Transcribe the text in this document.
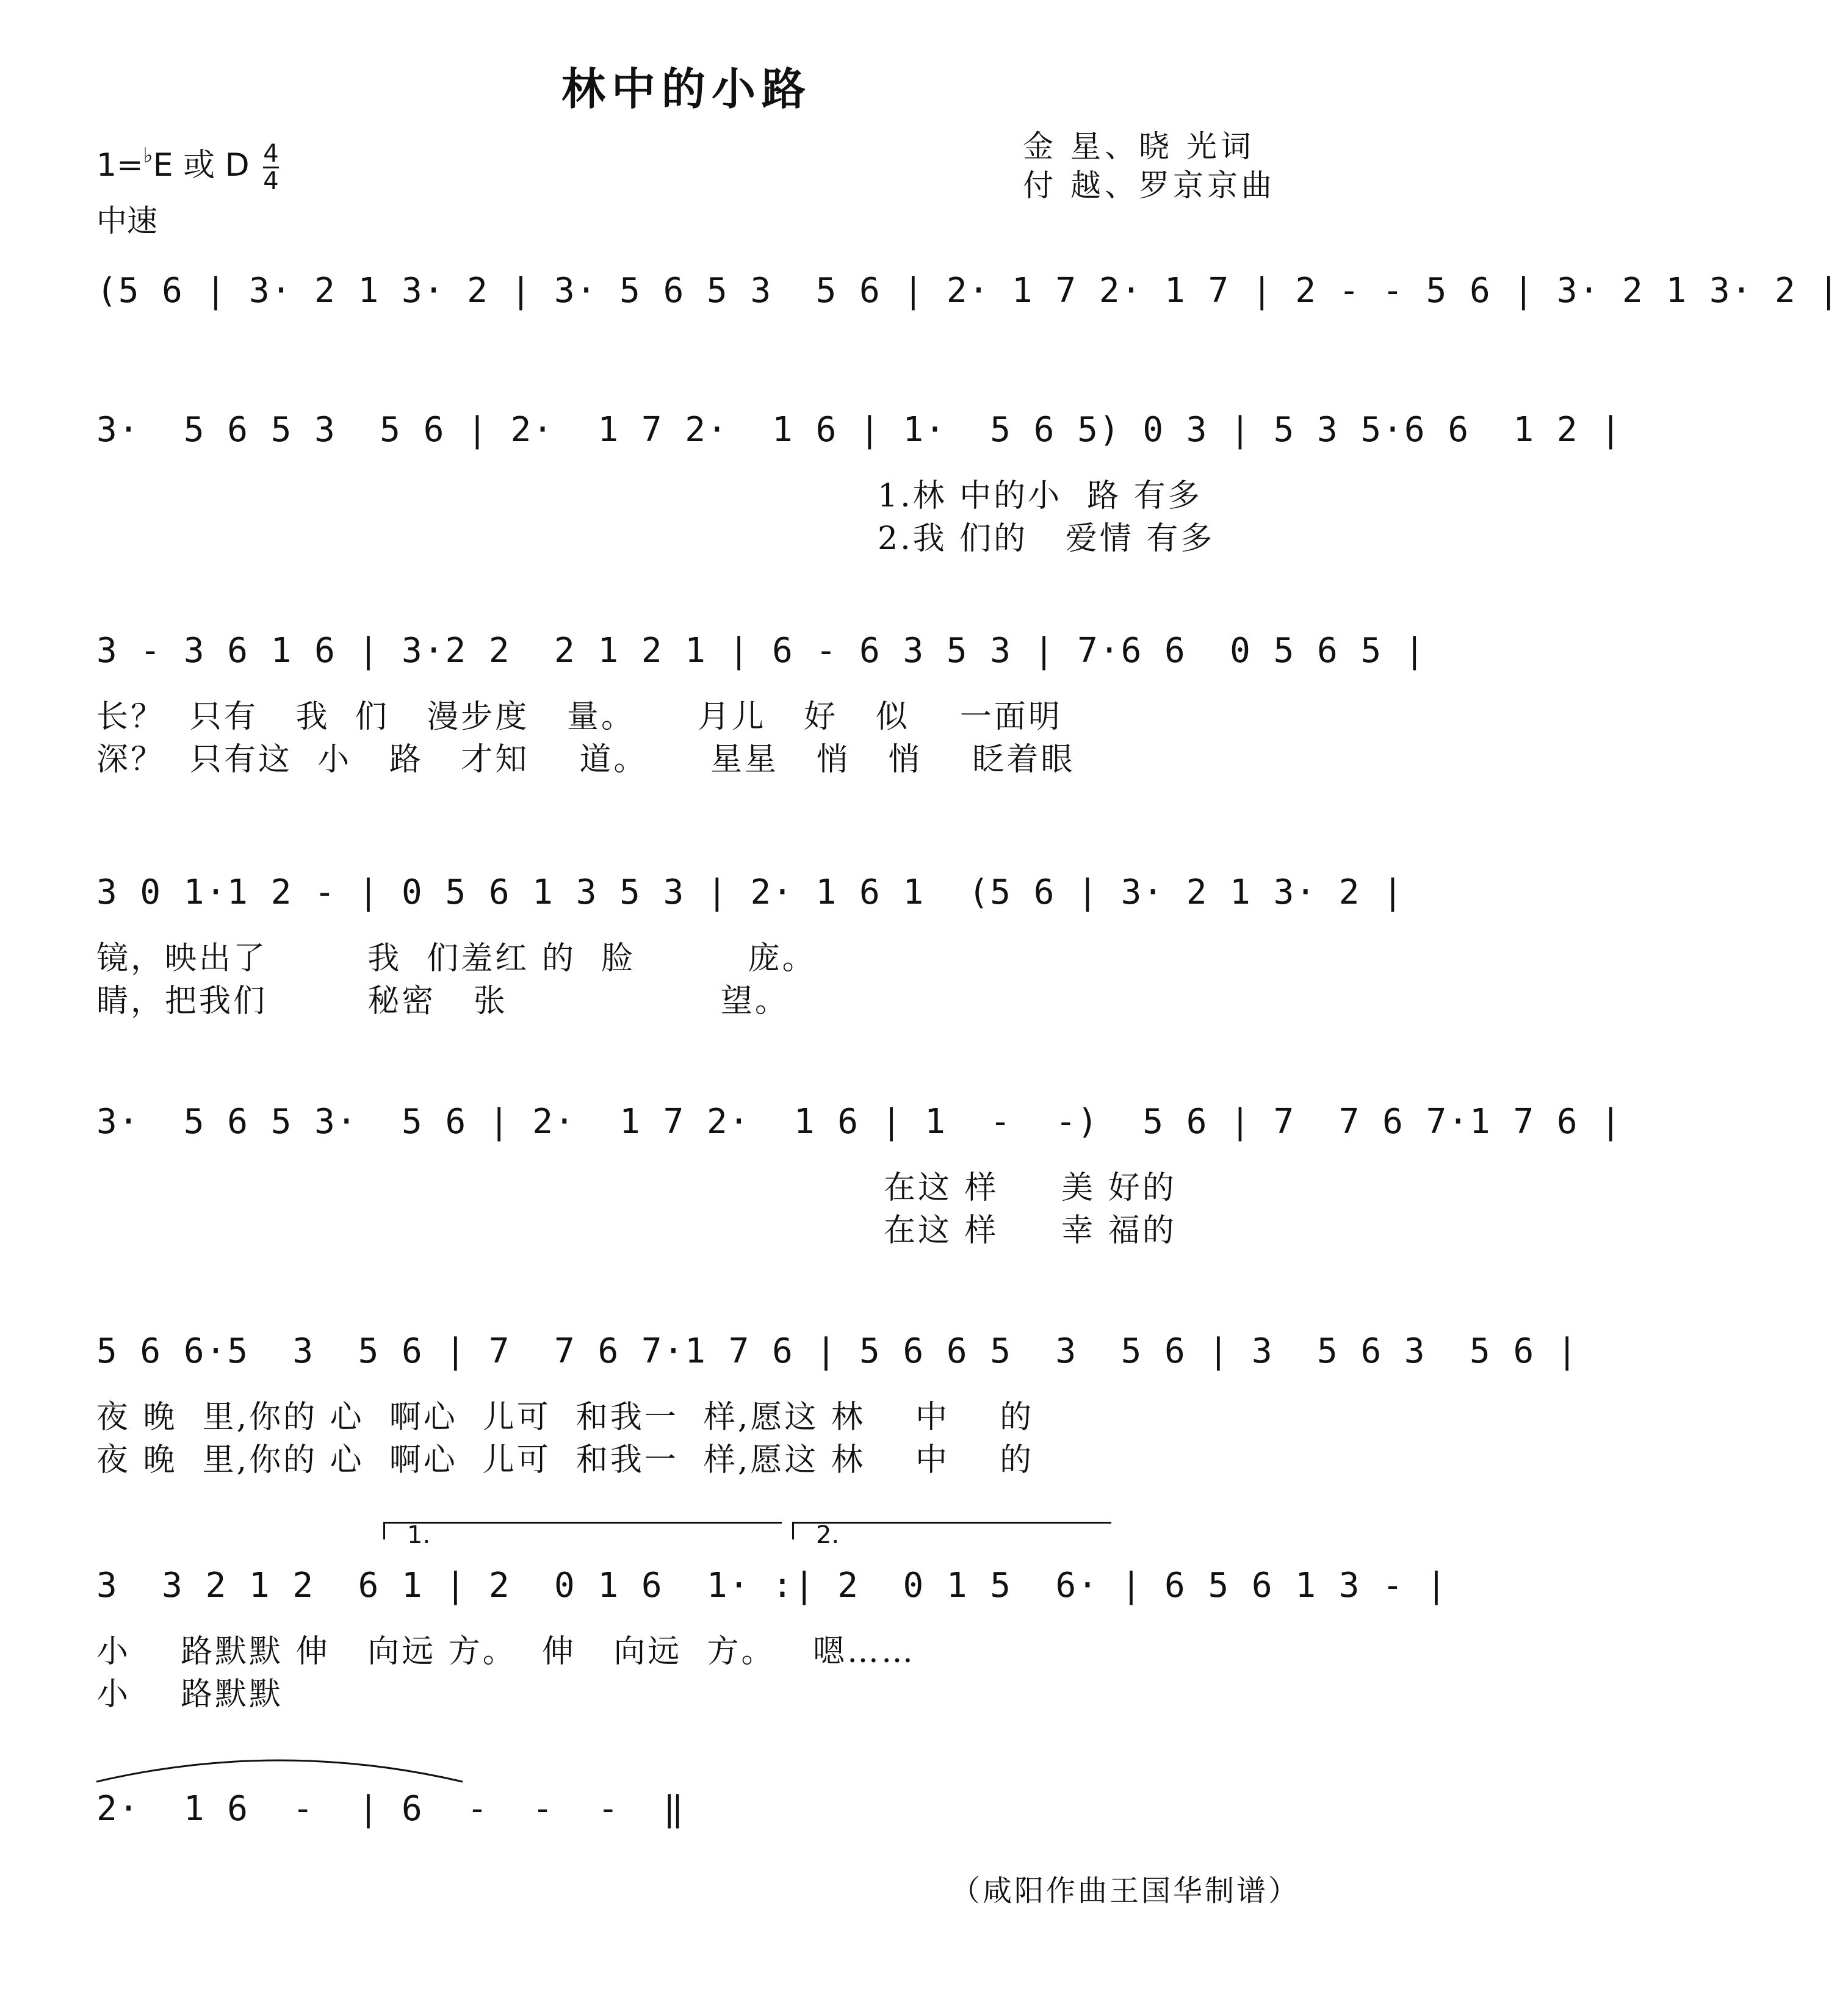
林中的小路
1=♭E 或 D $\frac{4}{4}$
中速
金 星、晓 光词
付 越、罗京京曲
(5 6 | 3· 2 1 3· 2 | 3· 5 6 5 3  5 6 | 2· 1 7 2· 1 7 | 2 - - 5 6 | 3· 2 1 3· 2 |
3·  5 6 5 3  5 6 | 2·  1 7 2·  1 6 | 1·  5 6 5) 0 3 | 5 3 5·6 6  1 2 |
1.林 中的小  路 有多
2.我 们的   爱情 有多
3 - 3 6 1 6 | 3·2 2  2 1 2 1 | 6 - 6 3 5 3 | 7·6 6  0 5 6 5 |
长？  只有   我  们   漫步度   量。     月儿   好   似    一面明
深？  只有这  小   路   才知    道。     星星   悄   悄    眨着眼
3 0 1·1 2 - | 0 5 6 1 3 5 3 | 2· 1 6 1  (5 6 | 3· 2 1 3· 2 |
镜，映出了        我  们羞红 的  脸         庞。
睛，把我们        秘密   张                 望。
3·  5 6 5 3·  5 6 | 2·  1 7 2·  1 6 | 1  -  -)  5 6 | 7  7 6 7·1 7 6 |
在这 样     美 好的
在这 样     幸 福的
5 6 6·5  3  5 6 | 7  7 6 7·1 7 6 | 5 6 6 5  3  5 6 | 3  5 6 3  5 6 |
夜 晚  里,你的 心  啊心  儿可  和我一  样,愿这 林    中    的
夜 晚  里,你的 心  啊心  儿可  和我一  样,愿这 林    中    的
1.	2.
3  3 2 1 2  6 1 | 2  0 1 6  1· :| 2  0 1 5  6· | 6 5 6 1 3 - |
小    路默默 伸   向远 方。  伸   向远  方。   嗯……
小    路默默
2·  1 6  -  | 6  -  -  -  ‖
（咸阳作曲王国华制谱）
